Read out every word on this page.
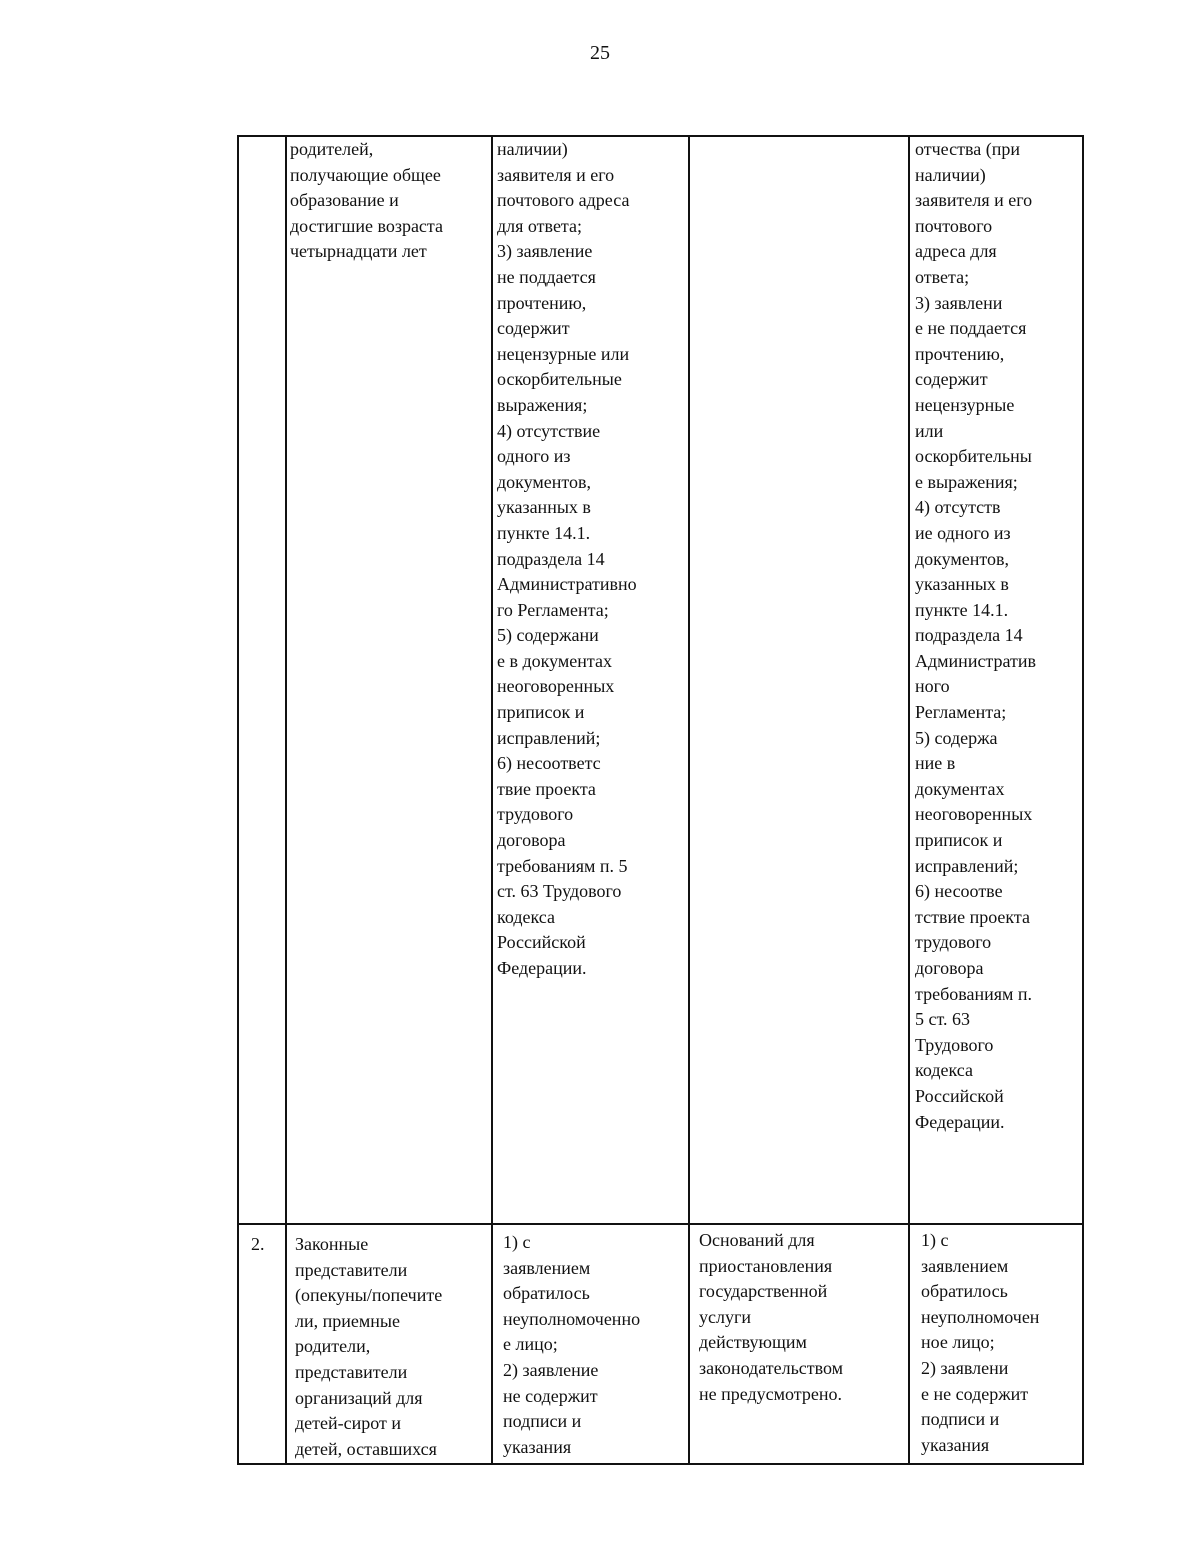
25
родителей,
получающие общее
образование и
достигшие возраста
четырнадцати лет
наличии)
заявителя и его
почтового адреса
для ответа;
3) заявление
не поддается
прочтению,
содержит
нецензурные или
оскорбительные
выражения;
4) отсутствие
одного из
документов,
указанных в
пункте 14.1.
подраздела 14
Административно
го Регламента;
5) содержани
е в документах
неоговоренных
приписок и
исправлений;
6) несоответс
твие проекта
трудового
договора
требованиям п. 5
ст. 63 Трудового
кодекса
Российской
Федерации.
отчества (при
наличии)
заявителя и его
почтового
адреса для
ответа;
3) заявлени
е не поддается
прочтению,
содержит
нецензурные
или
оскорбительны
е выражения;
4) отсутств
ие одного из
документов,
указанных в
пункте 14.1.
подраздела 14
Административ
ного
Регламента;
5) содержа
ние в
документах
неоговоренных
приписок и
исправлений;
6) несоотве
тствие проекта
трудового
договора
требованиям п.
5 ст. 63
Трудового
кодекса
Российской
Федерации.
2.	Законные
представители
(опекуны/попечите
ли, приемные
родители,
представители
организаций для
детей-сирот и
детей, оставшихся
1) с
заявлением
обратилось
неуполномоченно
е лицо;
2) заявление
не содержит
подписи и
указания
Оснований для
приостановления
государственной
услуги
действующим
законодательством
не предусмотрено.
1) с
заявлением
обратилось
неуполномочен
ное лицо;
2) заявлени
е не содержит
подписи и
указания
